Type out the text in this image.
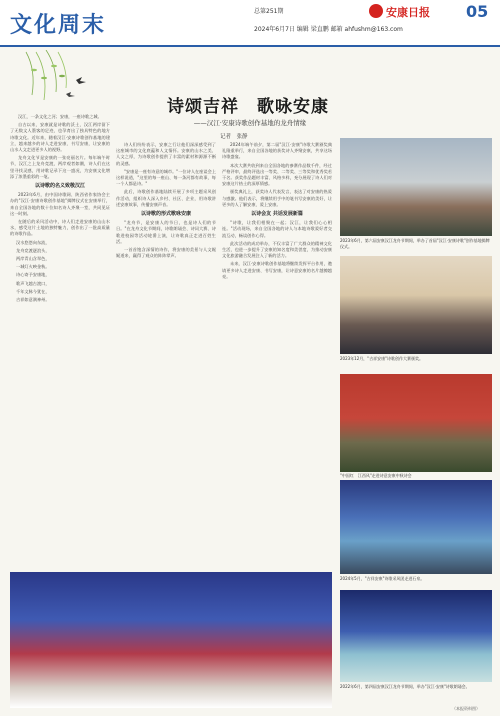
文化周末
总第251期
2024年6月7日 编辑 梁直鹏 邮箱 ahfushm@163.com
安康日报 05
诗颂吉祥　歌咏安康
——汉江·安康诗歌创作基地的龙舟情缘
记者　张静

汉江，一条文化之河；安康，一座诗歌之城。

自古以来，安康就是诗歌的沃土，汉江两岸留下了无数文人墨客的足迹，也孕育出了独具特色的地方诗歌文化。近年来，随着汉江·安康诗歌创作基地的建立，越来越多的诗人走进安康、书写安康，让安康的山水人文走进更多人的视野。

龙舟文化节是安康的一张亮丽名片。每年端午时节，汉江之上龙舟竞渡，两岸观者如潮，诗人们在这里寻找灵感，用诗歌记录下这一盛况，为安康文化增添了浓墨重彩的一笔。

以诗歌的名义致敬汉江

2023年6月，由中国诗歌网、陕西省作家协会主办的"汉江·安康诗歌创作基地"揭牌仪式在安康举行，来自全国各地的数十位知名诗人齐聚一堂，共同见证这一时刻。

在随后的采风活动中，诗人们走进安康的山山水水，感受这片土地的独特魅力，创作出了一批高质量的诗歌作品。

汉水悠悠向东流，

龙舟竞渡逐浪头，

两岸青山含翠色，

一城灯火映金秋。

诗心寄予安康地，

歌声飞越古渡口，

千年文脉今犹在，

吉祥如意满神州。

诗人们纷纷表示，安康之行让他们深深感受到了这座城市的文化底蕴和人文情怀。安康的山水之美、人文之厚，为诗歌创作提供了丰富的素材和源源不断的灵感。

"安康是一座有诗意的城市。"一位诗人在座谈会上这样说道，"这里的每一座山、每一条河都有故事，每一个人都是诗。"

此后，诗歌创作基地陆续开展了多项主题采风创作活动，组织诗人深入乡村、社区、企业，用诗歌讲述安康故事，传播安康声音。

以诗歌的形式歌咏安康

"龙舟节，是安康人的节日，也是诗人们的节日。"在龙舟文化节期间，诗歌朗诵会、诗词大赛、诗歌进校园等活动轮番上演，让诗歌真正走进百姓生活。

一首首饱含深情的诗作，将安康的美景与人文娓娓道来，赢得了观众的阵阵掌声。

2024年端午前夕，第二届"汉江·安康"诗歌大赛颁奖典礼隆重举行，来自全国各地的获奖诗人齐聚安康，共享这场诗歌盛宴。

本次大赛共收到来自全国各地的参赛作品数千件，经过严格评审，最终评选出一等奖、二等奖、三等奖和优秀奖若干名。获奖作品题材丰富、风格多样，充分展现了诗人们对安康这片热土的深厚情感。

颁奖典礼上，获奖诗人代表发言，表达了对安康的热爱与感激。他们表示，将继续用手中的笔书写安康的美好，让更多的人了解安康、爱上安康。

以诗会友 共话发展新篇

"诗歌，让我们相聚在一起；汉江，让我们心心相连。"活动现场，来自全国各地的诗人与本地诗歌爱好者交流互动，畅谈创作心得。

此次活动的成功举办，不仅丰富了广大群众的精神文化生活，也进一步提升了安康的知名度和美誉度，为推动安康文化旅游融合发展注入了新的活力。

未来，汉江·安康诗歌创作基地将继续发挥平台作用，邀请更多诗人走进安康、书写安康，让诗意安康的名片越擦越亮。

2023年6月，第六届安康汉江龙舟节期间，举办了首届"汉江·安康诗歌"创作基地揭牌仪式。
2023年12月，"吉祥安康"诗歌创作大赛颁奖。
"中国红　江西风"走进诗意安康中秋诗会
2024年5月，"吉祥安康"诗歌采风团走进石泉。
2022年6月，第四届安康汉江龙舟节期间，举办"汉江·安康"诗歌朗诵会。
（本报资料图）
